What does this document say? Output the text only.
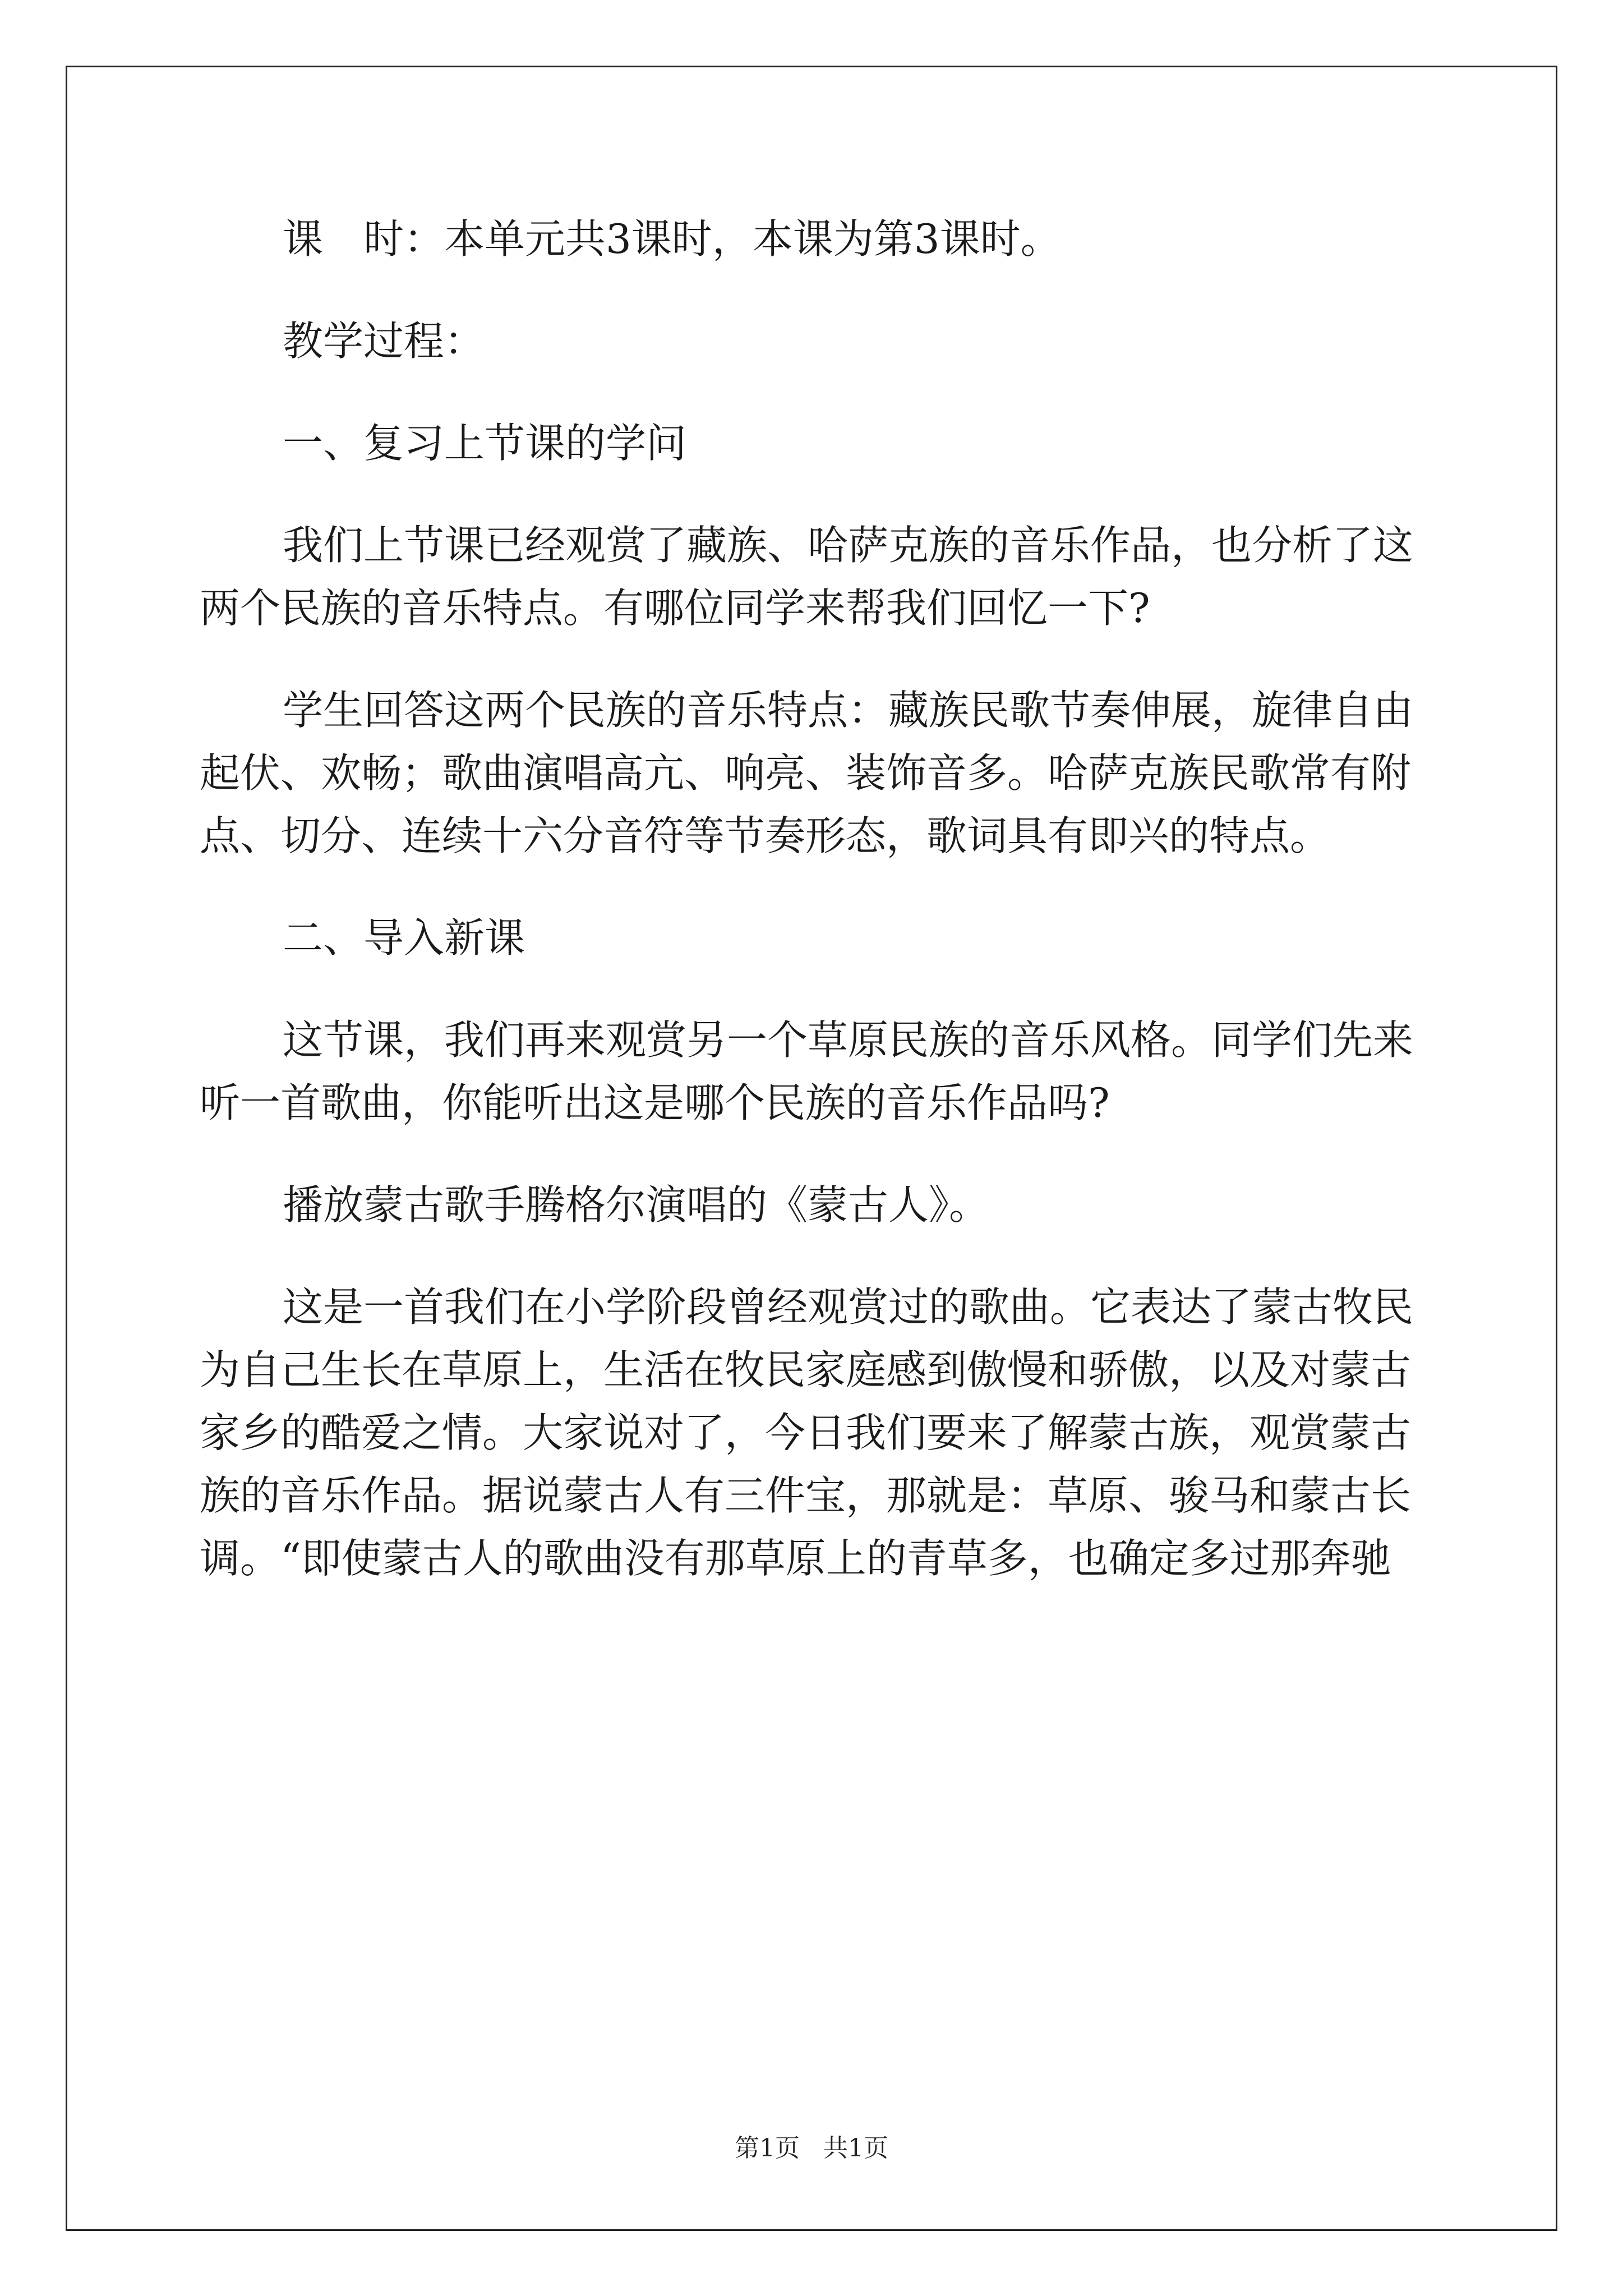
课　时：本单元共3课时，本课为第3课时。
教学过程：
一、复习上节课的学问
我们上节课已经观赏了藏族、哈萨克族的音乐作品，也分析了这
两个民族的音乐特点。有哪位同学来帮我们回忆一下?
学生回答这两个民族的音乐特点：藏族民歌节奏伸展，旋律自由
起伏、欢畅；歌曲演唱高亢、响亮、装饰音多。哈萨克族民歌常有附
点、切分、连续十六分音符等节奏形态，歌词具有即兴的特点。
二、导入新课
这节课，我们再来观赏另一个草原民族的音乐风格。同学们先来
听一首歌曲，你能听出这是哪个民族的音乐作品吗?
播放蒙古歌手腾格尔演唱的《蒙古人》。
这是一首我们在小学阶段曾经观赏过的歌曲。它表达了蒙古牧民
为自己生长在草原上，生活在牧民家庭感到傲慢和骄傲，以及对蒙古
家乡的酷爱之情。大家说对了，今日我们要来了解蒙古族，观赏蒙古
族的音乐作品。据说蒙古人有三件宝，那就是：草原、骏马和蒙古长
调。“即使蒙古人的歌曲没有那草原上的青草多，也确定多过那奔驰
第1页 共1页
